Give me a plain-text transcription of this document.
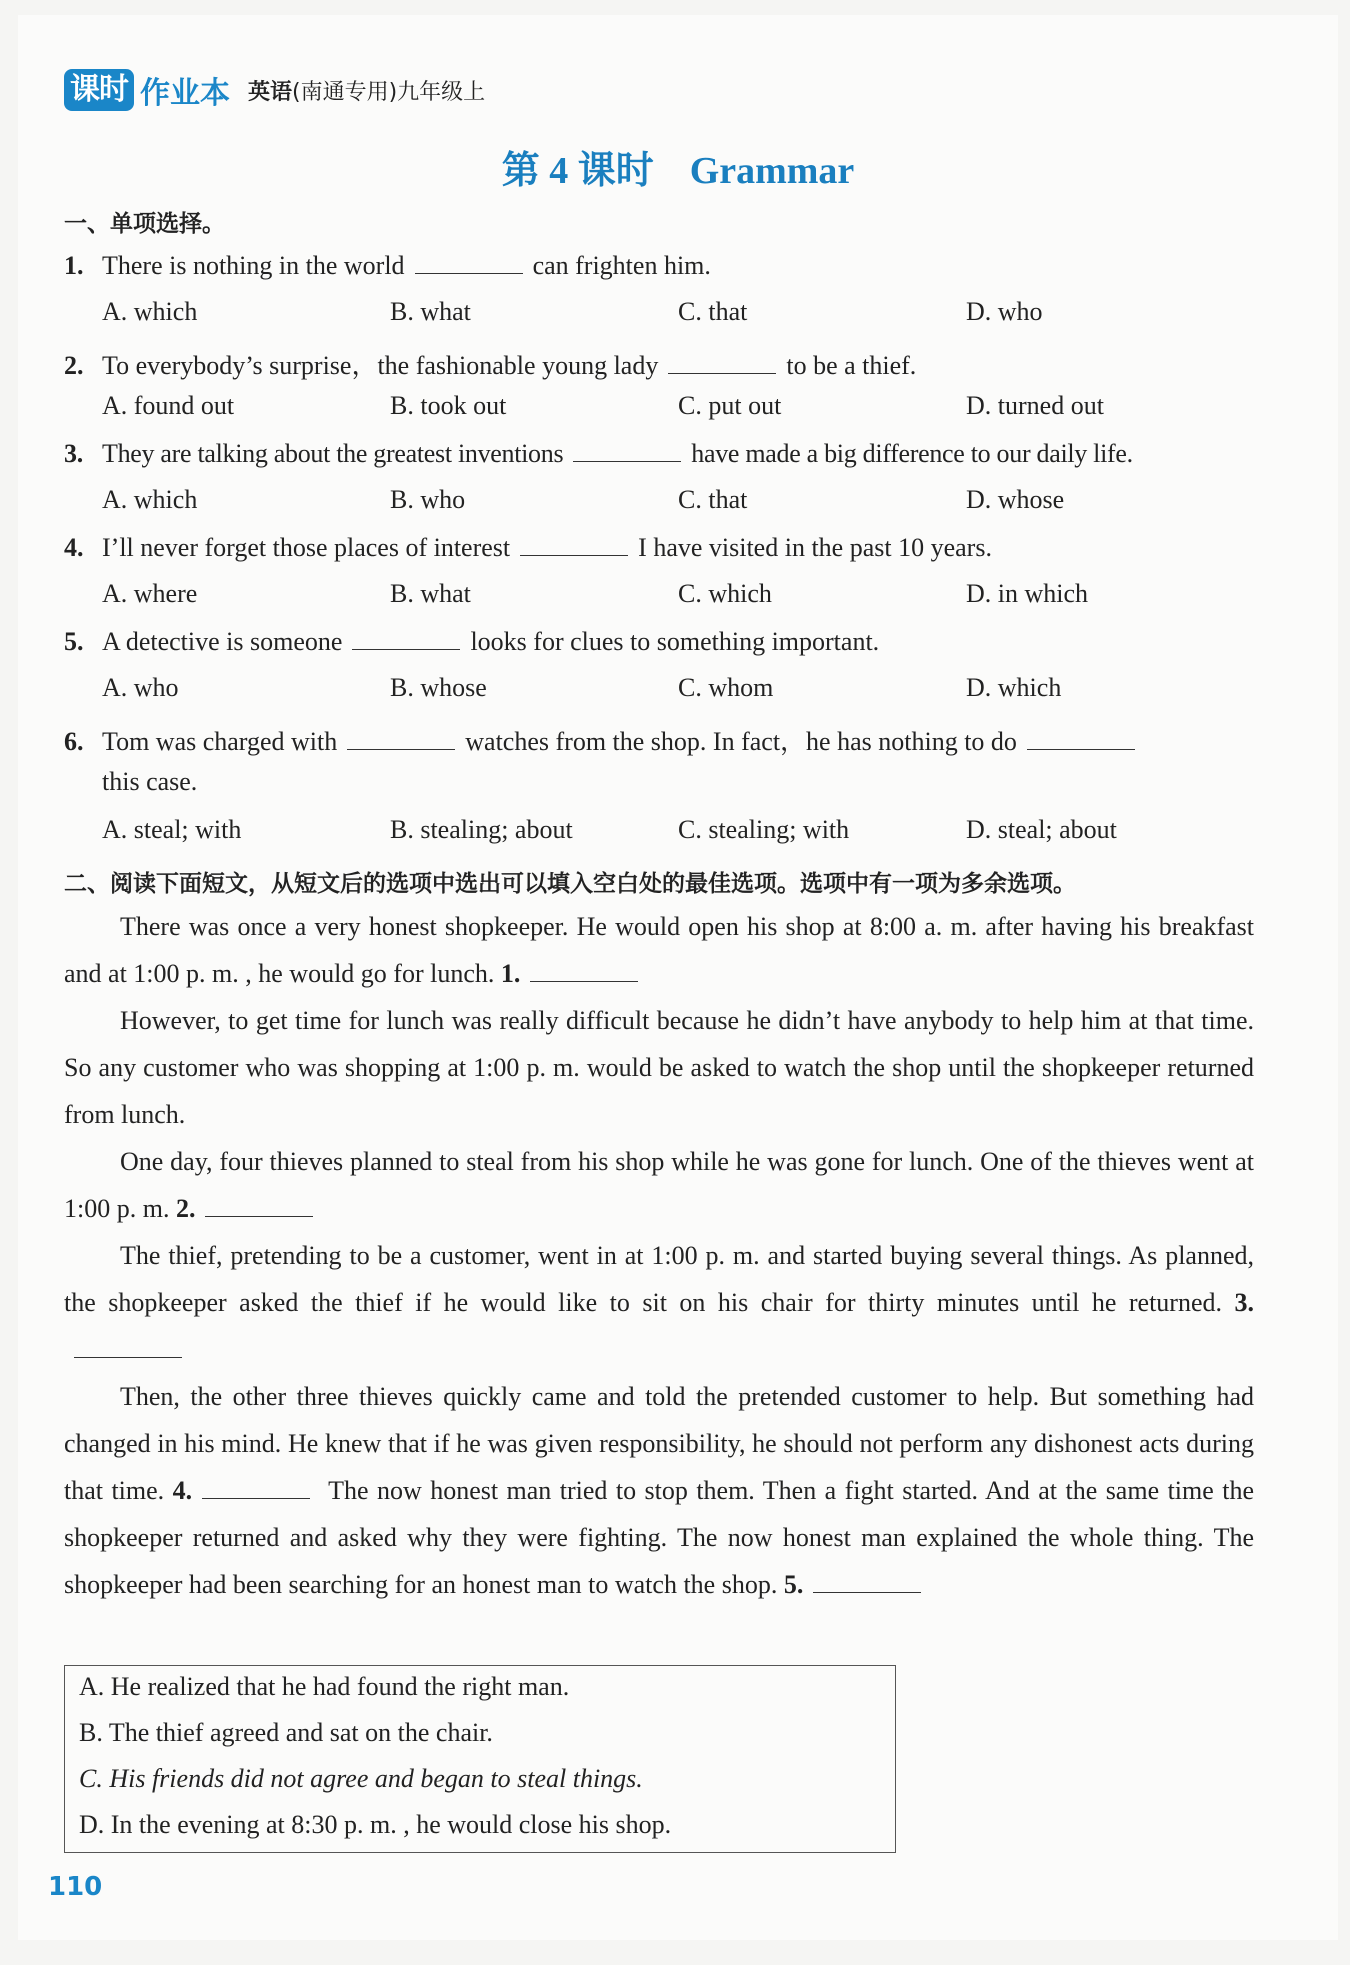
课时 作业本 英语(南通专用)九年级上
第 4 课时 Grammar
一、单项选择。
1. There is nothing in the world	can frighten him.
A. which	B. what	C. that	D. who
2. To everybody’s surprise，the fashionable young lady	to be a thief.
A. found out	B. took out	C. put out	D. turned out
3. They are talking about the greatest inventions	have made a big difference to our daily life.
A. which	B. who	C. that	D. whose
4. I’ll never forget those places of interest	I have visited in the past 10 years.
A. where	B. what	C. which	D. in which
5. A detective is someone	looks for clues to something important.
A. who	B. whose	C. whom	D. which
6. Tom was charged with	watches from the shop. In fact，he has nothing to do
this case.
A. steal; with	B. stealing; about	C. stealing; with	D. steal; about
二、阅读下面短文，从短文后的选项中选出可以填入空白处的最佳选项。选项中有一项为多余选项。
There was once a very honest shopkeeper. He would open his shop at 8:00 a. m. after having his breakfast and at 1:00 p. m. , he would go for lunch. 1.
However, to get time for lunch was really difficult because he didn’t have anybody to help him at that time. So any customer who was shopping at 1:00 p. m. would be asked to watch the shop until the shopkeeper returned from lunch.
One day, four thieves planned to steal from his shop while he was gone for lunch. One of the thieves went at 1:00 p. m. 2.
The thief, pretending to be a customer, went in at 1:00 p. m. and started buying several things. As planned, the shopkeeper asked the thief if he would like to sit on his chair for thirty minutes until he returned. 3.
Then, the other three thieves quickly came and told the pretended customer to help. But something had changed in his mind. He knew that if he was given responsibility, he should not perform any dishonest acts during that time. 4.	The now honest man tried to stop them. Then a fight started. And at the same time the shopkeeper returned and asked why they were fighting. The now honest man explained the whole thing. The shopkeeper had been searching for an honest man to watch the shop. 5.
A. He realized that he had found the right man.
B. The thief agreed and sat on the chair.
C. His friends did not agree and began to steal things.
D. In the evening at 8:30 p. m. , he would close his shop.
110
